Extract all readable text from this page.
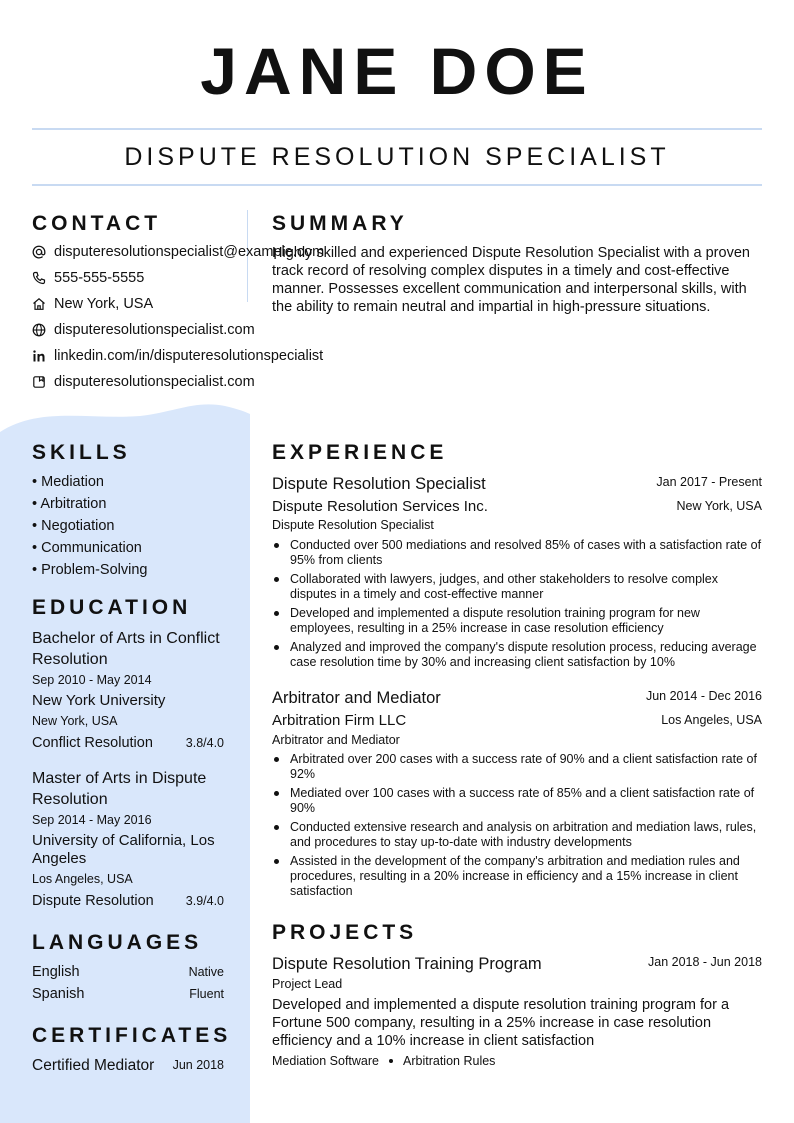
JANE DOE
DISPUTE RESOLUTION SPECIALIST
CONTACT
disputeresolutionspecialist@example.com
555-555-5555
New York, USA
disputeresolutionspecialist.com
linkedin.com/in/disputeresolutionspecialist
disputeresolutionspecialist.com
SUMMARY
Highly skilled and experienced Dispute Resolution Specialist with a proven track record of resolving complex disputes in a timely and cost-effective manner. Possesses excellent communication and interpersonal skills, with the ability to remain neutral and impartial in high-pressure situations.
SKILLS
• Mediation
• Arbitration
• Negotiation
• Communication
• Problem-Solving
EDUCATION
Bachelor of Arts in Conflict Resolution
Sep 2010 - May 2014
New York University
New York, USA
Conflict Resolution	3.8/4.0
Master of Arts in Dispute Resolution
Sep 2014 - May 2016
University of California, Los Angeles
Los Angeles, USA
Dispute Resolution	3.9/4.0
LANGUAGES
English	Native
Spanish	Fluent
CERTIFICATES
Certified Mediator Jun 2018
EXPERIENCE
Dispute Resolution Specialist	Jan 2017 - Present
Dispute Resolution Services Inc.	New York, USA
Dispute Resolution Specialist
Conducted over 500 mediations and resolved 85% of cases with a satisfaction rate of 95% from clients
Collaborated with lawyers, judges, and other stakeholders to resolve complex disputes in a timely and cost-effective manner
Developed and implemented a dispute resolution training program for new employees, resulting in a 25% increase in case resolution efficiency
Analyzed and improved the company's dispute resolution process, reducing average case resolution time by 30% and increasing client satisfaction by 10%
Arbitrator and Mediator	Jun 2014 - Dec 2016
Arbitration Firm LLC	Los Angeles, USA
Arbitrator and Mediator
Arbitrated over 200 cases with a success rate of 90% and a client satisfaction rate of 92%
Mediated over 100 cases with a success rate of 85% and a client satisfaction rate of 90%
Conducted extensive research and analysis on arbitration and mediation laws, rules, and procedures to stay up-to-date with industry developments
Assisted in the development of the company's arbitration and mediation rules and procedures, resulting in a 20% increase in efficiency and a 15% increase in client satisfaction
PROJECTS
Dispute Resolution Training Program	Jan 2018 - Jun 2018
Project Lead
Developed and implemented a dispute resolution training program for a Fortune 500 company, resulting in a 25% increase in case resolution efficiency and a 10% increase in client satisfaction
Mediation Software Arbitration Rules
